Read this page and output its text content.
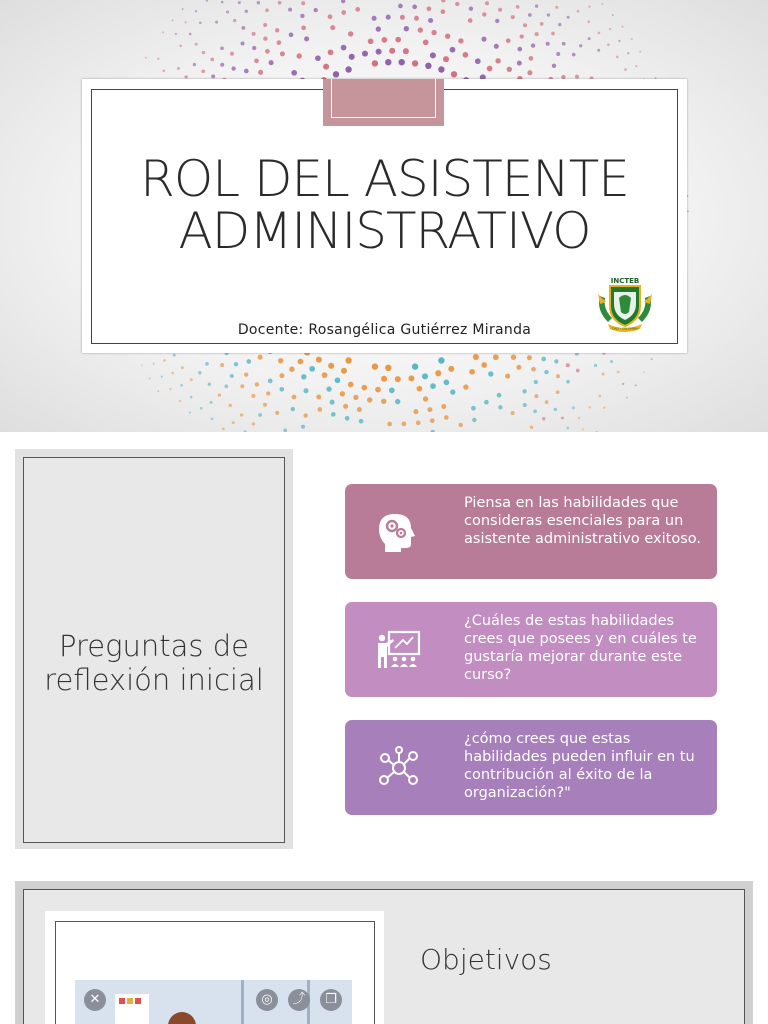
ROL DEL ASISTENTE
ADMINISTRATIVO
Docente: Rosangélica Gutiérrez Miranda
INCTEB
CALI - COLOMBIA
Preguntas de reflexión inicial
Piensa en las habilidades que consideras esenciales para un asistente administrativo exitoso.
¿Cuáles de estas habilidades crees que posees y en cuáles te gustaría mejorar durante este curso?
¿cómo crees que estas habilidades pueden influir en tu contribución al éxito de la organización?"
✕	◎	⤴	❐
Objetivos
